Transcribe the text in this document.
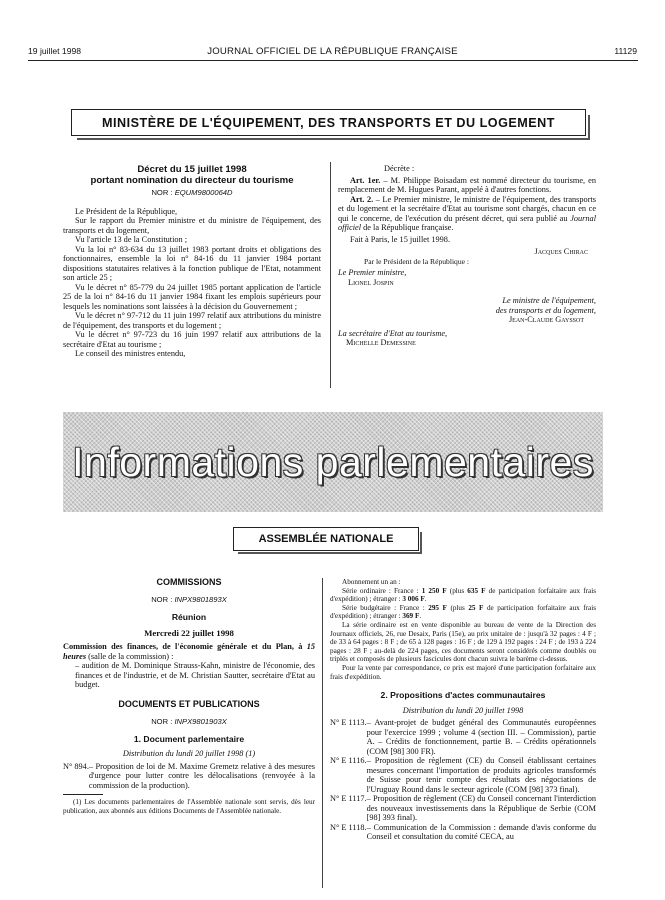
19 juillet 1998	JOURNAL OFFICIEL DE LA RÉPUBLIQUE FRANÇAISE	11129
MINISTÈRE DE L'ÉQUIPEMENT, DES TRANSPORTS ET DU LOGEMENT
Décret du 15 juillet 1998
portant nomination du directeur du tourisme
NOR : EQUM9800064D

Le Président de la République,

Sur le rapport du Premier ministre et du ministre de l'équipement, des transports et du logement,

Vu l'article 13 de la Constitution ;

Vu la loi n° 83-634 du 13 juillet 1983 portant droits et obligations des fonctionnaires, ensemble la loi n° 84-16 du 11 janvier 1984 portant dispositions statutaires relatives à la fonction publique de l'Etat, notamment son article 25 ;

Vu le décret n° 85-779 du 24 juillet 1985 portant application de l'article 25 de la loi n° 84-16 du 11 janvier 1984 fixant les emplois supérieurs pour lesquels les nominations sont laissées à la décision du Gouvernement ;

Vu le décret n° 97-712 du 11 juin 1997 relatif aux attributions du ministre de l'équipement, des transports et du logement ;

Vu le décret n° 97-723 du 16 juin 1997 relatif aux attributions de la secrétaire d'Etat au tourisme ;

Le conseil des ministres entendu,

Décrète :

Art. 1er. – M. Philippe Boisadam est nommé directeur du tourisme, en remplacement de M. Hugues Parant, appelé à d'autres fonctions.

Art. 2. – Le Premier ministre, le ministre de l'équipement, des transports et du logement et la secrétaire d'Etat au tourisme sont chargés, chacun en ce qui le concerne, de l'exécution du présent décret, qui sera publié au Journal officiel de la République française.

Fait à Paris, le 15 juillet 1998.

Jacques Chirac
Par le Président de la République :
Le Premier ministre,
Lionel Jospin
Le ministre de l'équipement,
des transports et du logement,
Jean-Claude Gayssot
La secrétaire d'Etat au tourisme,
Michelle Demessine
Informations parlementaires
ASSEMBLÉE NATIONALE
COMMISSIONS
NOR : INPX9801893X
Réunion
Mercredi 22 juillet 1998
Commission des finances, de l'économie générale et du Plan, à 15 heures (salle de la commission) :
– audition de M. Dominique Strauss-Kahn, ministre de l'économie, des finances et de l'industrie, et de M. Christian Sautter, secrétaire d'Etat au budget.
DOCUMENTS ET PUBLICATIONS
NOR : INPX9801903X
1. Document parlementaire
Distribution du lundi 20 juillet 1998 (1)
N° 894. – Proposition de loi de M. Maxime Gremetz relative à des mesures d'urgence pour lutter contre les délocalisations (renvoyée à la commission de la production).
(1) Les documents parlementaires de l'Assemblée nationale sont servis, dès leur publication, aux abonnés aux éditions Documents de l'Assemblée nationale.
Abonnement un an :

Série ordinaire : France : 1 250 F (plus 635 F de participation forfaitaire aux frais d'expédition) ; étranger : 3 006 F.

Série budgétaire : France : 295 F (plus 25 F de participation forfaitaire aux frais d'expédition) ; étranger : 369 F.

La série ordinaire est en vente disponible au bureau de vente de la Direction des Journaux officiels, 26, rue Desaix, Paris (15e), au prix unitaire de : jusqu'à 32 pages : 4 F ; de 33 à 64 pages : 8 F ; de 65 à 128 pages : 16 F ; de 129 à 192 pages : 24 F ; de 193 à 224 pages : 28 F ; au-delà de 224 pages, ces documents seront considérés comme doublés ou triplés et composés de plusieurs fascicules dont chacun suivra le barème ci-dessus.

Pour la vente par correspondance, ce prix est majoré d'une participation forfaitaire aux frais d'expédition.

2. Propositions d'actes communautaires
Distribution du lundi 20 juillet 1998
N° E 1113. – Avant-projet de budget général des Communautés européennes pour l'exercice 1999 ; volume 4 (section III. – Commission), partie A. – Crédits de fonctionnement, partie B. – Crédits opérationnels (COM [98] 300 FR).
N° E 1116. – Proposition de règlement (CE) du Conseil établissant certaines mesures concernant l'importation de produits agricoles transformés de Suisse pour tenir compte des résultats des négociations de l'Uruguay Round dans le secteur agricole (COM [98] 373 final).
N° E 1117. – Proposition de règlement (CE) du Conseil concernant l'interdiction des nouveaux investissements dans la République de Serbie (COM [98] 393 final).
N° E 1118. – Communication de la Commission : demande d'avis conforme du Conseil et consultation du comité CECA, au
